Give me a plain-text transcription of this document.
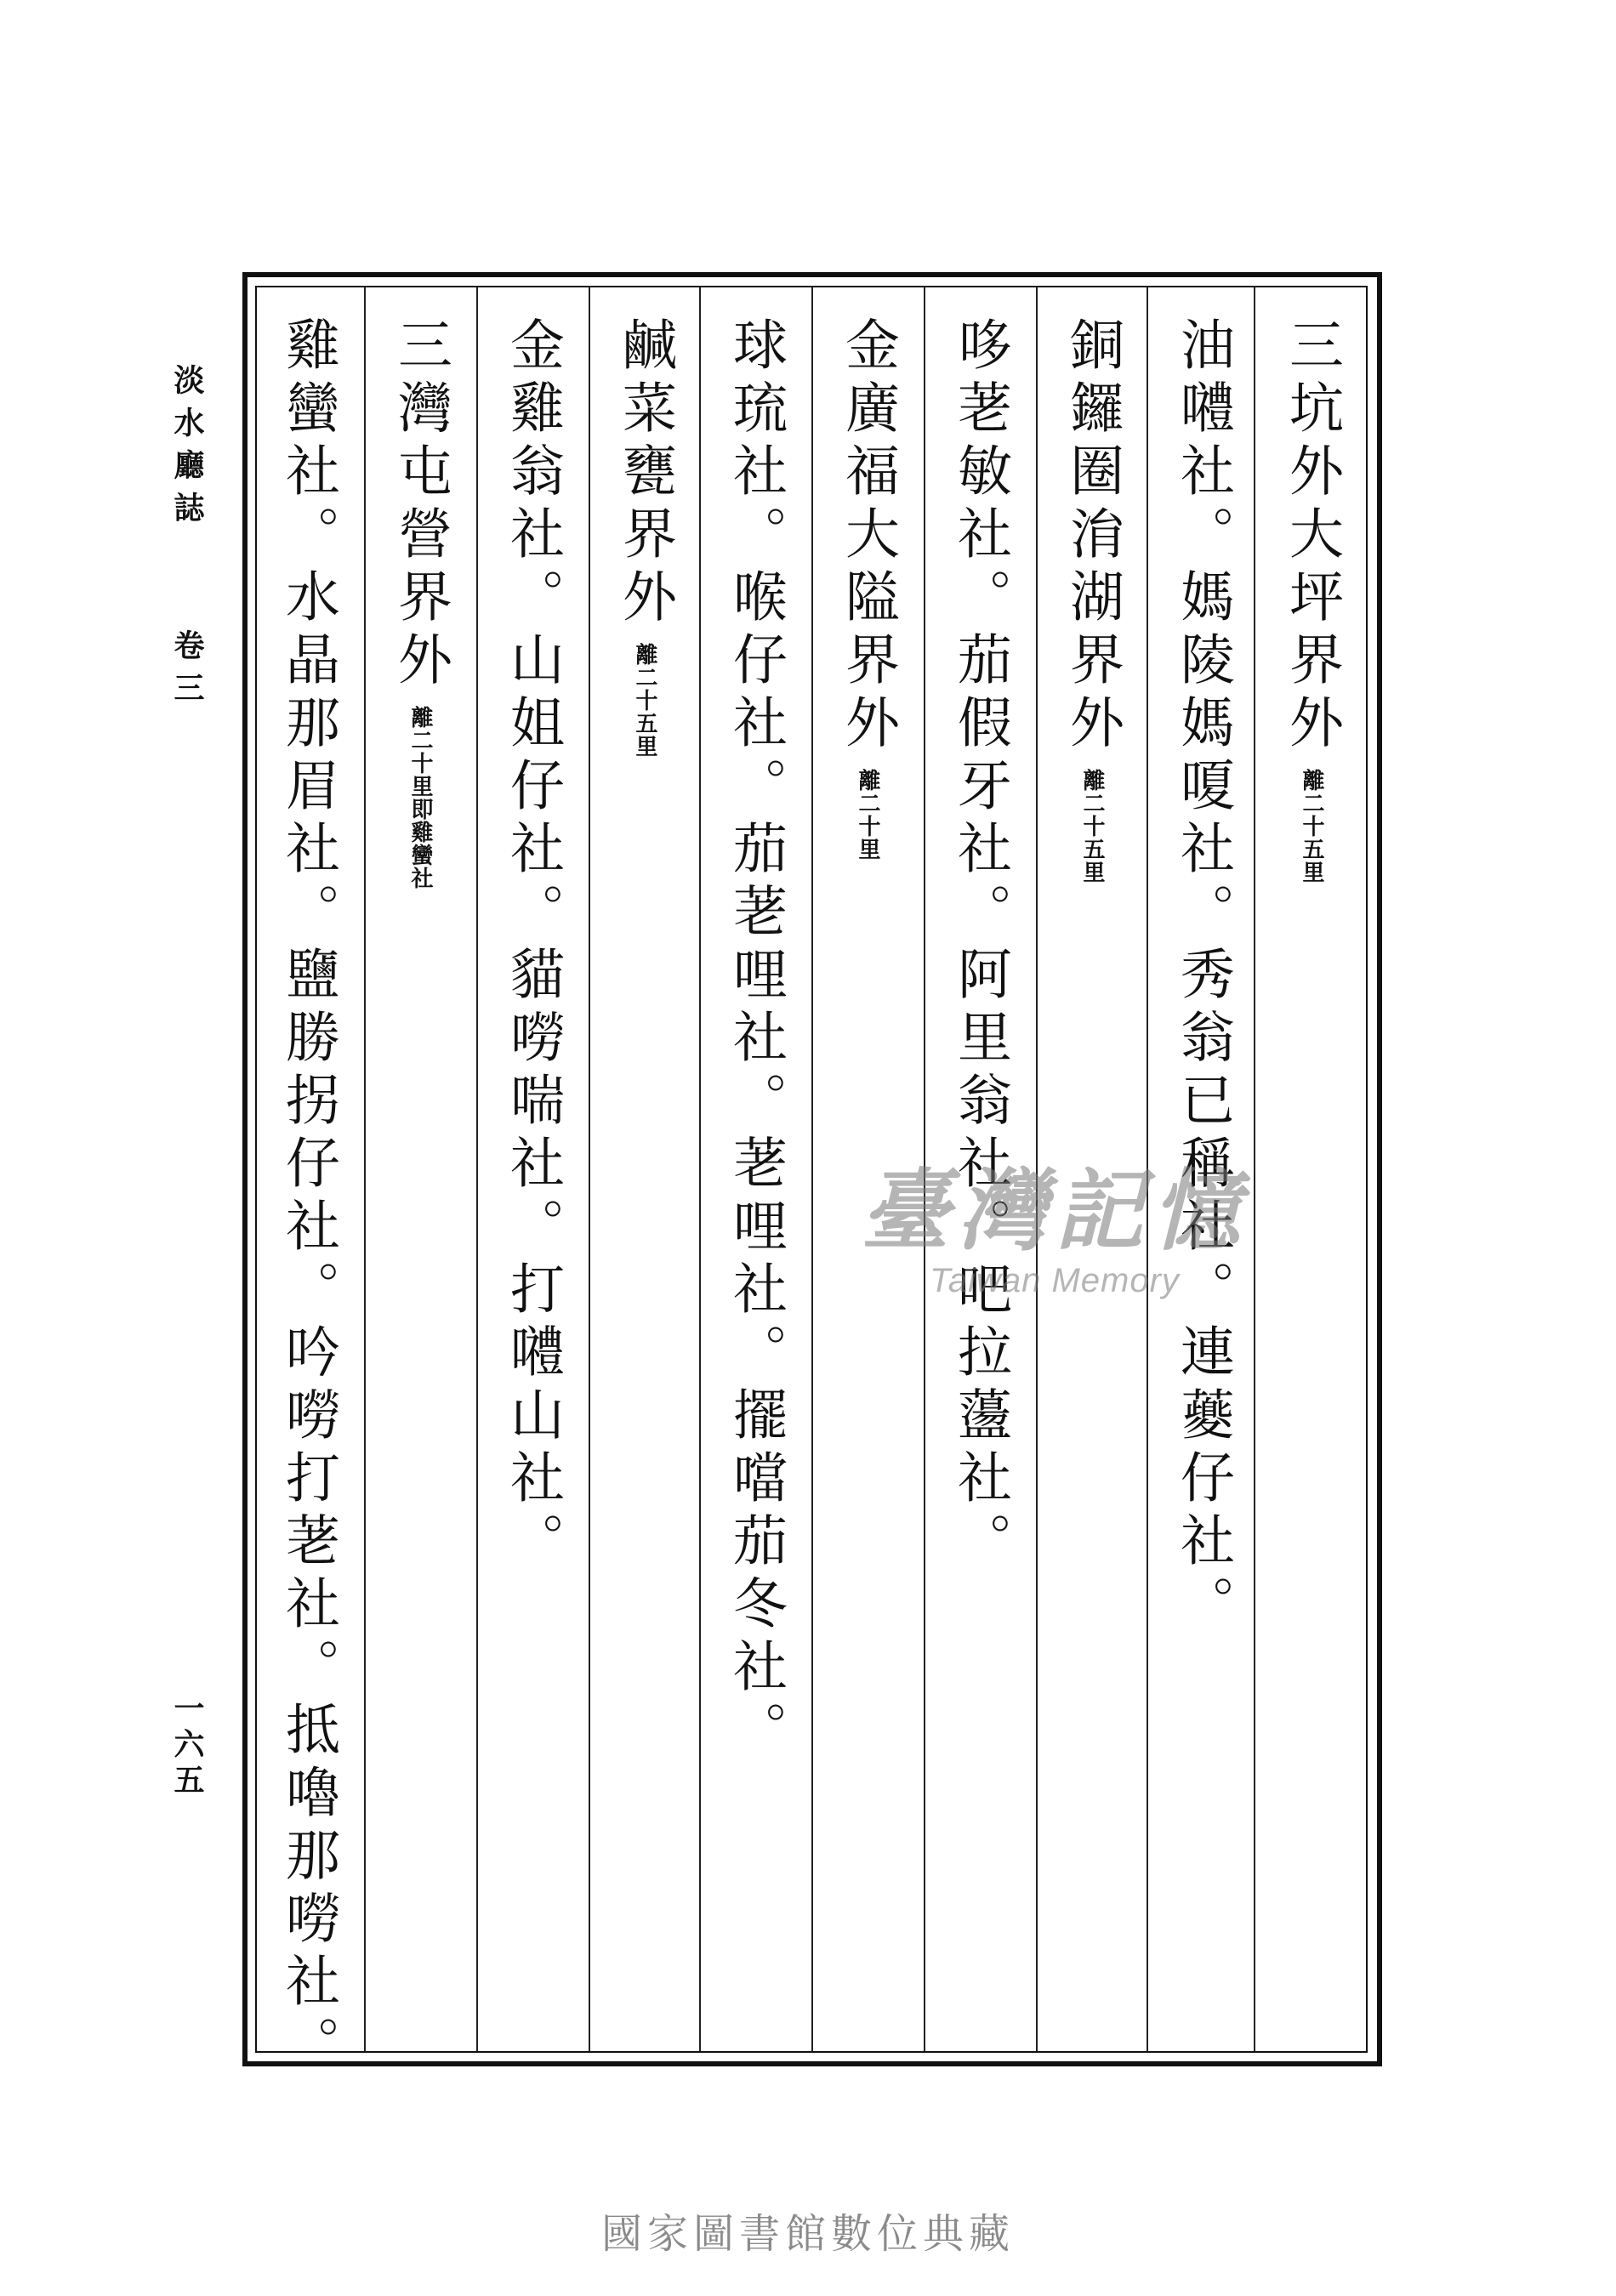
三坑外大坪界外
離二十五里
油𡅏社。媽陵媽嗄社。秀翁已稱社。連𧃍仔社。
銅鑼圈㳙湖界外
離二十五里
哆荖敏社。茄假牙社。阿里翁社。吧拉蘯社。
金廣福大隘界外
離二十里
球琉社。喉仔社。茄荖哩社。荖哩社。擺噹茄冬社。
鹹菜甕界外
離二十五里
金雞翁社。山姐仔社。貓嘮喘社。打𡅏山社。
三灣屯營界外
離二十里即雞蠻社
雞蠻社。水晶那眉社。鹽勝拐仔社。吟嘮打荖社。抵嚕那嘮社。
淡水廳誌
卷三
一六五
臺灣記憶
Taiwan Memory
國家圖書館數位典藏
